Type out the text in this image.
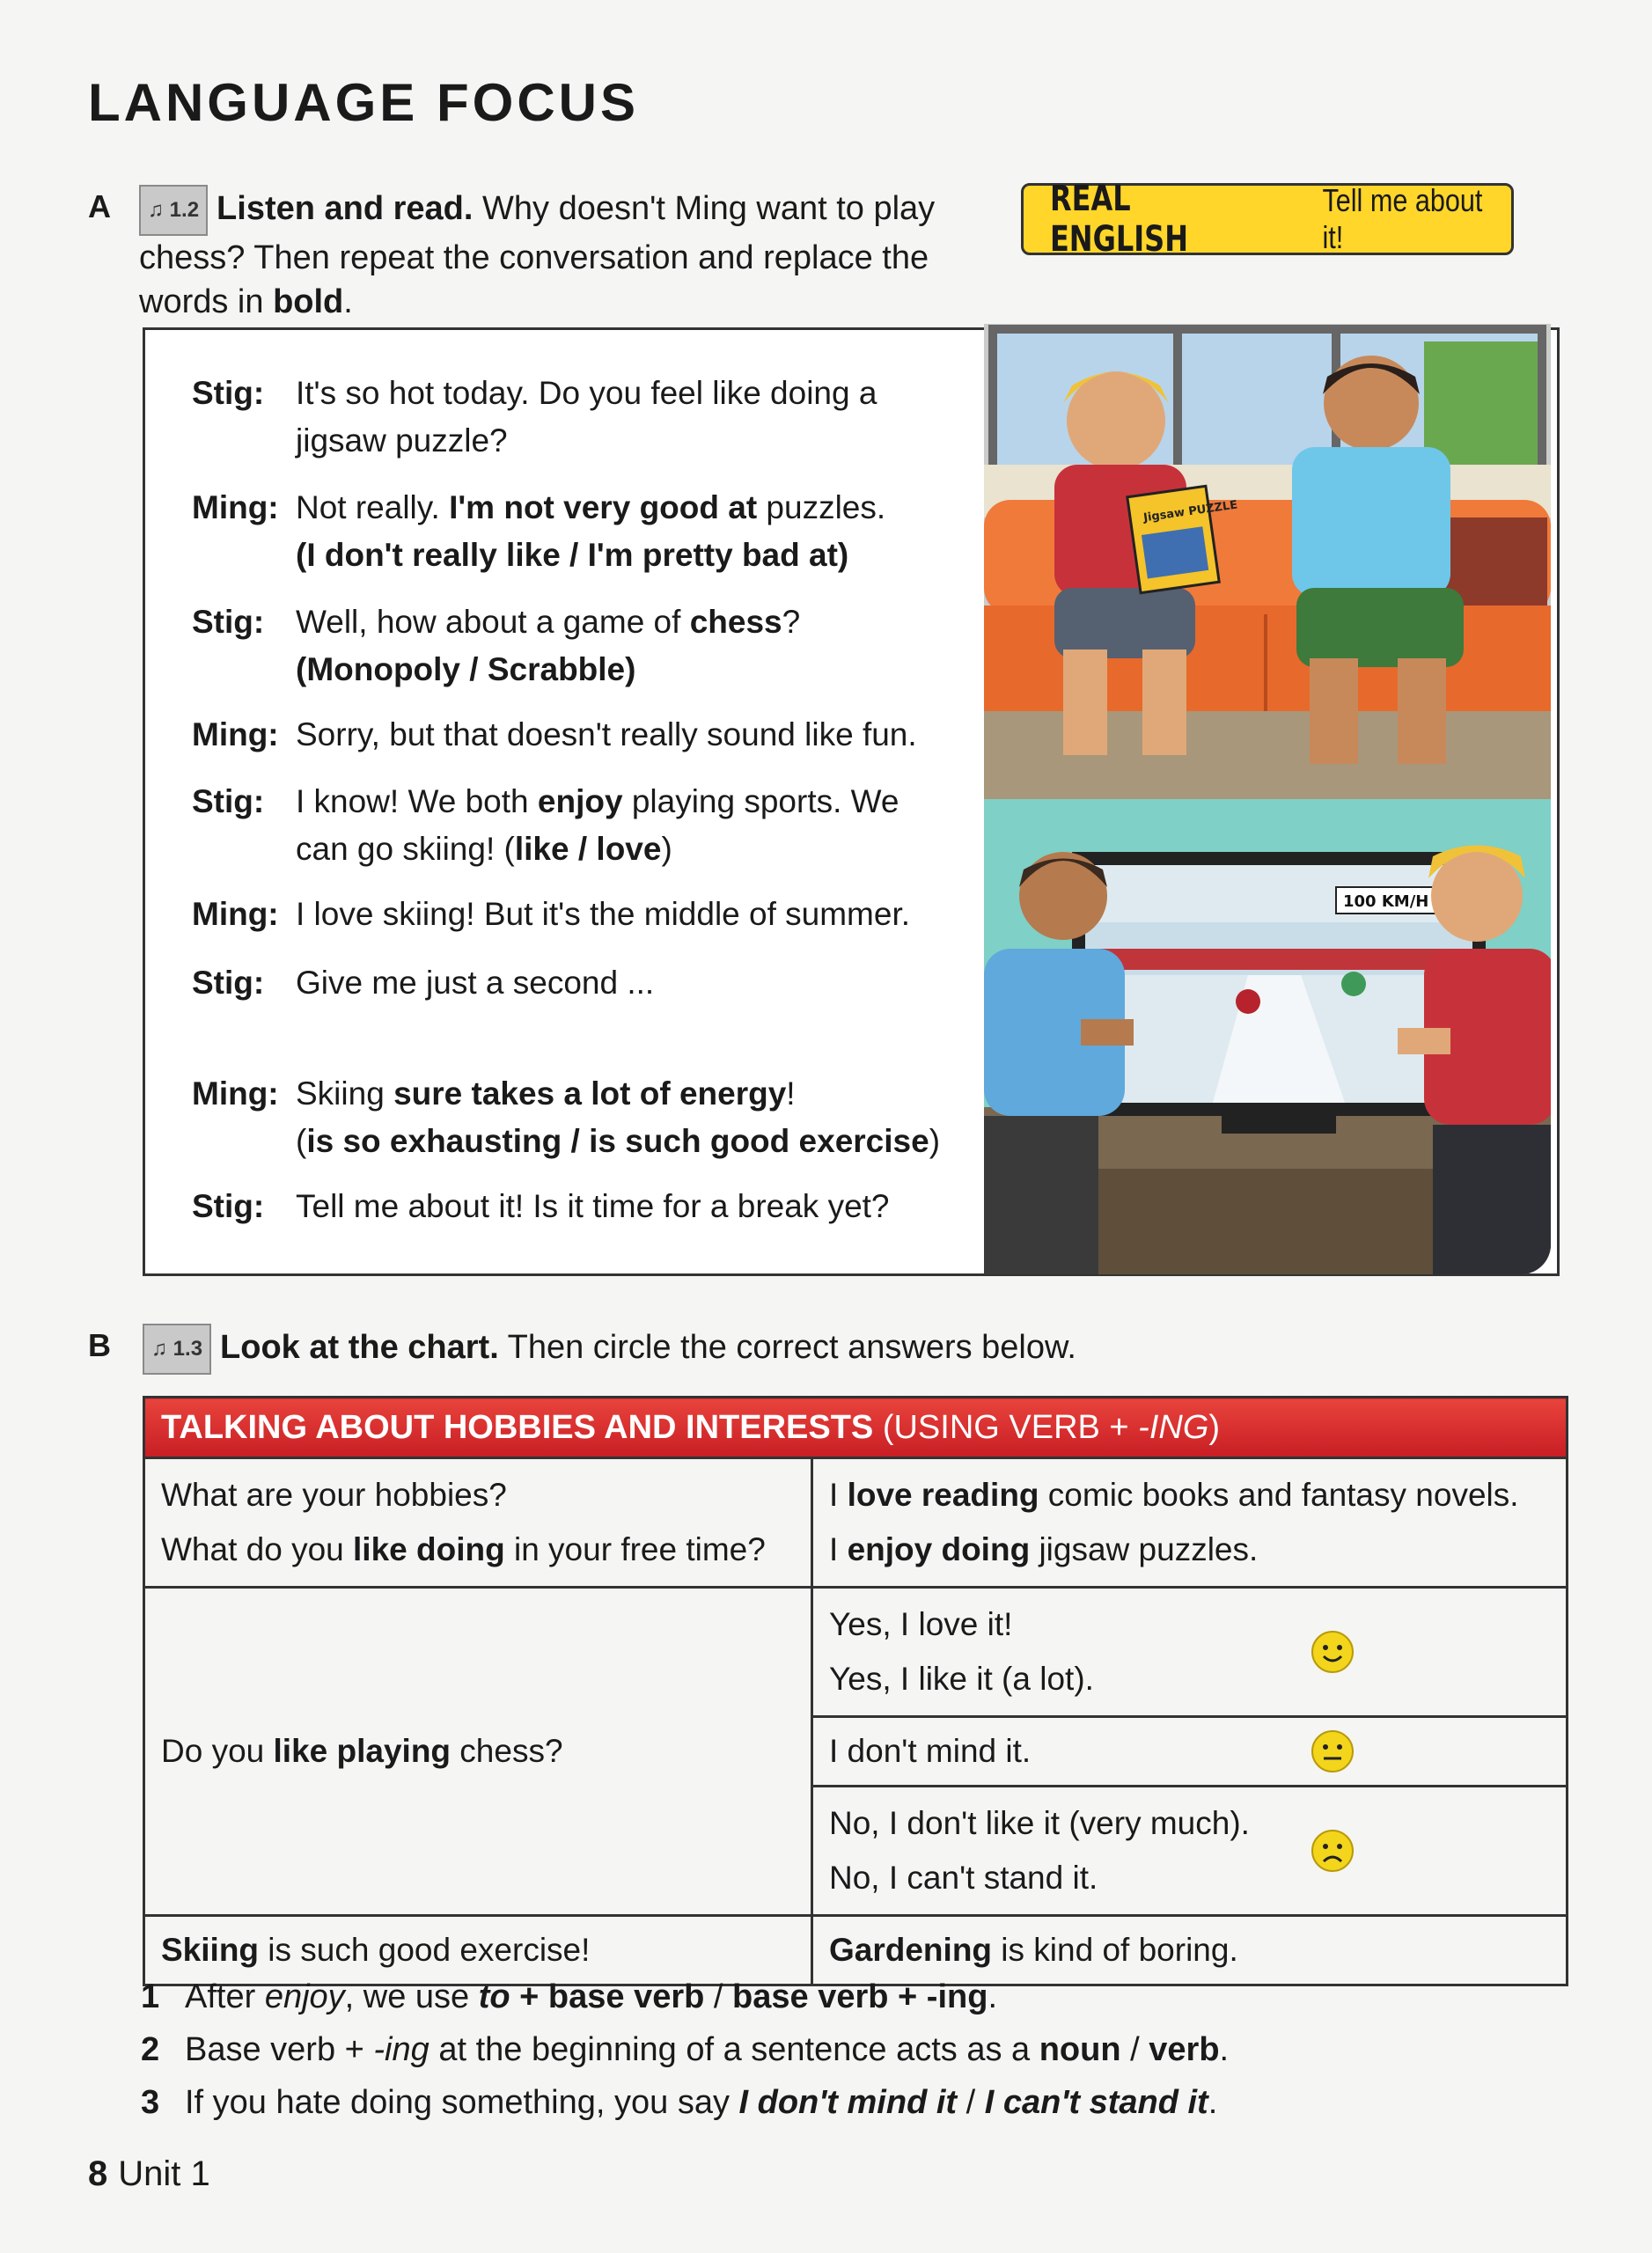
LANGUAGE FOCUS
A	♫ 1.2 Listen and read. Why doesn't Ming want to play
chess? Then repeat the conversation and replace the
words in bold.
REAL ENGLISH
Tell me about it!
Stig: It's so hot today. Do you feel like doing a
jigsaw puzzle?
Ming: Not really. I'm not very good at puzzles.
(I don't really like / I'm pretty bad at)
Stig: Well, how about a game of chess?
(Monopoly / Scrabble)
Ming: Sorry, but that doesn't really sound like fun.
Stig: I know! We both enjoy playing sports. We
can go skiing! (like / love)
Ming: I love skiing! But it's the middle of summer.
Stig: Give me just a second ...
Ming: Skiing sure takes a lot of energy!
(is so exhausting / is such good exercise)
Stig: Tell me about it! Is it time for a break yet?
Jigsaw PUZZLE
100 KM/H
B	♫ 1.3 Look at the chart. Then circle the correct answers below.
TALKING ABOUT HOBBIES AND INTERESTS (USING VERB + -ING)	
What are your hobbies?
What do you like doing in your free time?	I love reading comic books and fantasy novels.
I enjoy doing jigsaw puzzles.
Do you like playing chess?	Yes, I love it!
Yes, I like it (a lot).

	I don't mind it.

	No, I don't like it (very much).
No, I can't stand it.

Skiing is such good exercise!	Gardening is kind of boring.
1 After enjoy, we use to + base verb / base verb + -ing.
2 Base verb + -ing at the beginning of a sentence acts as a noun / verb.
3 If you hate doing something, you say I don't mind it / I can't stand it.
8 Unit 1
